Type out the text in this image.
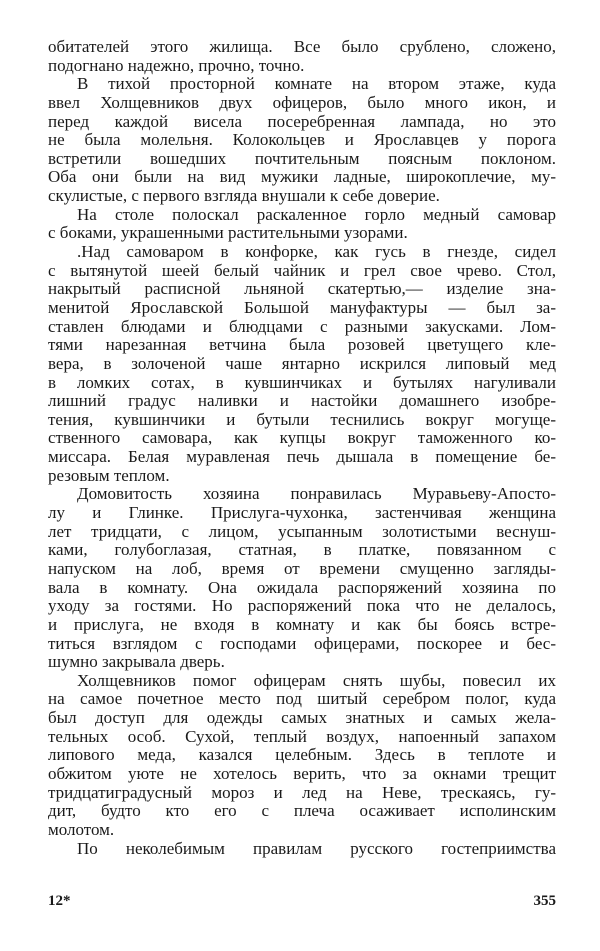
обитателей этого жилища. Все было срублено, сложено,
подогнано надежно, прочно, точно.
В тихой просторной комнате на втором этаже, куда
ввел Холщевников двух офицеров, было много икон, и
перед каждой висела посеребренная лампада, но это
не была молельня. Колокольцев и Ярославцев у порога
встретили вошедших почтительным поясным поклоном.
Оба они были на вид мужики ладные, широкоплечие, му-
скулистые, с первого взгляда внушали к себе доверие.
На столе полоскал раскаленное горло медный самовар
с боками, украшенными растительными узорами.
.Над самоваром в конфорке, как гусь в гнезде, сидел
с вытянутой шеей белый чайник и грел свое чрево. Стол,
накрытый расписной льняной скатертью,— изделие зна-
менитой Ярославской Большой мануфактуры — был за-
ставлен блюдами и блюдцами с разными закусками. Лом-
тями нарезанная ветчина была розовей цветущего кле-
вера, в золоченой чаше янтарно искрился липовый мед
в ломких сотах, в кувшинчиках и бутылях нагуливали
лишний градус наливки и настойки домашнего изобре-
тения, кувшинчики и бутыли теснились вокруг могуще-
ственного самовара, как купцы вокруг таможенного ко-
миссара. Белая муравленая печь дышала в помещение бе-
резовым теплом.
Домовитость хозяина понравилась Муравьеву-Апосто-
лу и Глинке. Прислуга-чухонка, застенчивая женщина
лет тридцати, с лицом, усыпанным золотистыми веснуш-
ками, голубоглазая, статная, в платке, повязанном с
напуском на лоб, время от времени смущенно загляды-
вала в комнату. Она ожидала распоряжений хозяина по
уходу за гостями. Но распоряжений пока что не делалось,
и прислуга, не входя в комнату и как бы боясь встре-
титься взглядом с господами офицерами, поскорее и бес-
шумно закрывала дверь.
Холщевников помог офицерам снять шубы, повесил их
на самое почетное место под шитый серебром полог, куда
был доступ для одежды самых знатных и самых жела-
тельных особ. Сухой, теплый воздух, напоенный запахом
липового меда, казался целебным. Здесь в теплоте и
обжитом уюте не хотелось верить, что за окнами трещит
тридцатиградусный мороз и лед на Неве, трескаясь, гу-
дит, будто кто его с плеча осаживает исполинским
молотом.
По неколебимым правилам русского гостеприимства
12*	355
